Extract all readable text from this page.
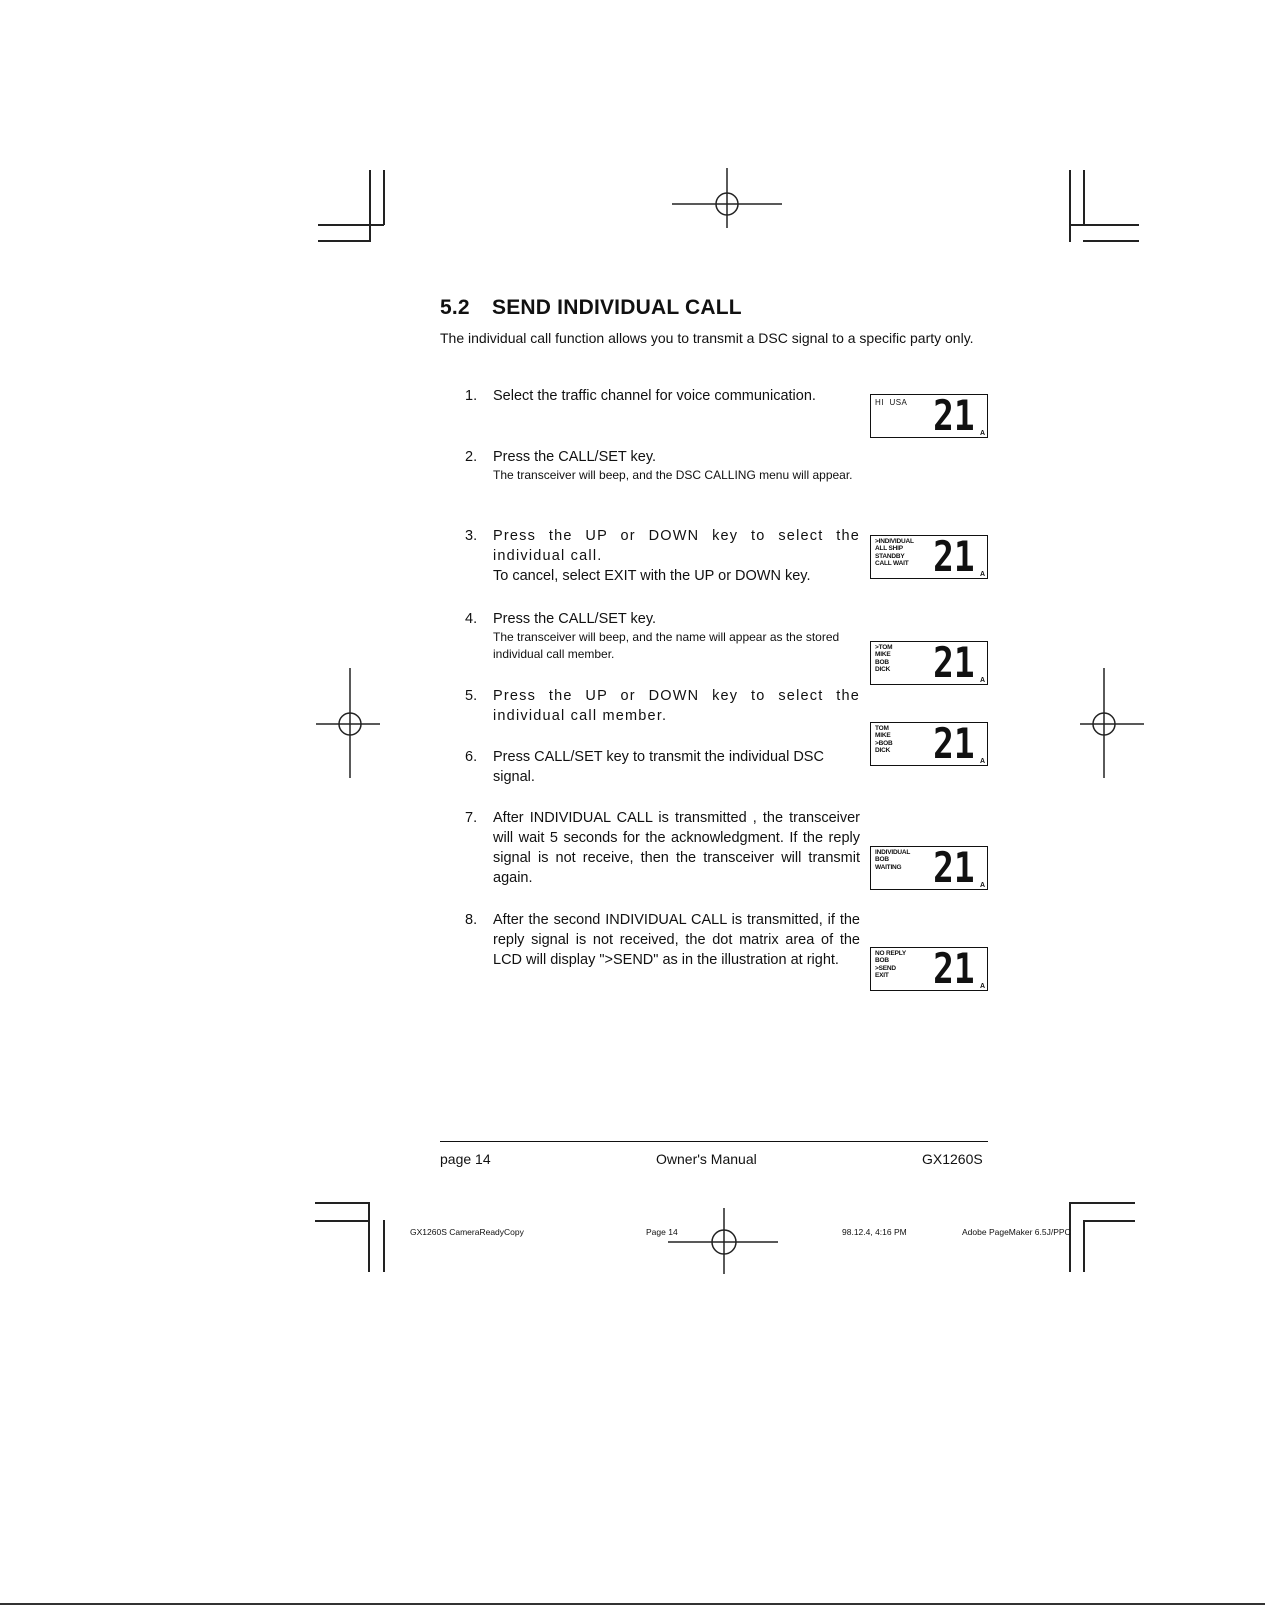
5.2 SEND INDIVIDUAL CALL
The individual call function allows you to transmit a DSC signal to a specific party only.
1.	Select the traffic channel for voice communication.
2.	Press the CALL/SET key.
The transceiver will beep, and the DSC CALLING menu will appear.
3.	Press the UP or DOWN key to select the individual call.
To cancel, select EXIT with the UP or DOWN key.
4.	Press the CALL/SET key.
The transceiver will beep, and the name will appear as the stored individual call member.
5.	Press the UP or DOWN key to select the individual call member.
6.	Press CALL/SET key to transmit the individual DSC signal.
7.	After INDIVIDUAL CALL is transmitted , the transceiver will wait 5 seconds for the acknowledgment. If the reply signal is not receive, then the transceiver will transmit again.
8.	After the second INDIVIDUAL CALL is transmitted, if the reply signal is not received, the dot matrix area of the LCD will display ">SEND" as in the illustration at right.
HI  USA 21 A
>INDIVIDUAL
ALL SHIP
STANDBY
CALL WAIT 21 A
>TOM
MIKE
BOB
DICK	21 A
TOM
MIKE
>BOB
DICK	21 A
INDIVIDUAL
BOB
WAITING 21 A
NO REPLY
BOB
>SEND
EXIT	21 A
page 14	Owner's Manual	GX1260S
GX1260S CameraReadyCopy	Page 14	98.12.4, 4:16 PM	Adobe PageMaker 6.5J/PPC
